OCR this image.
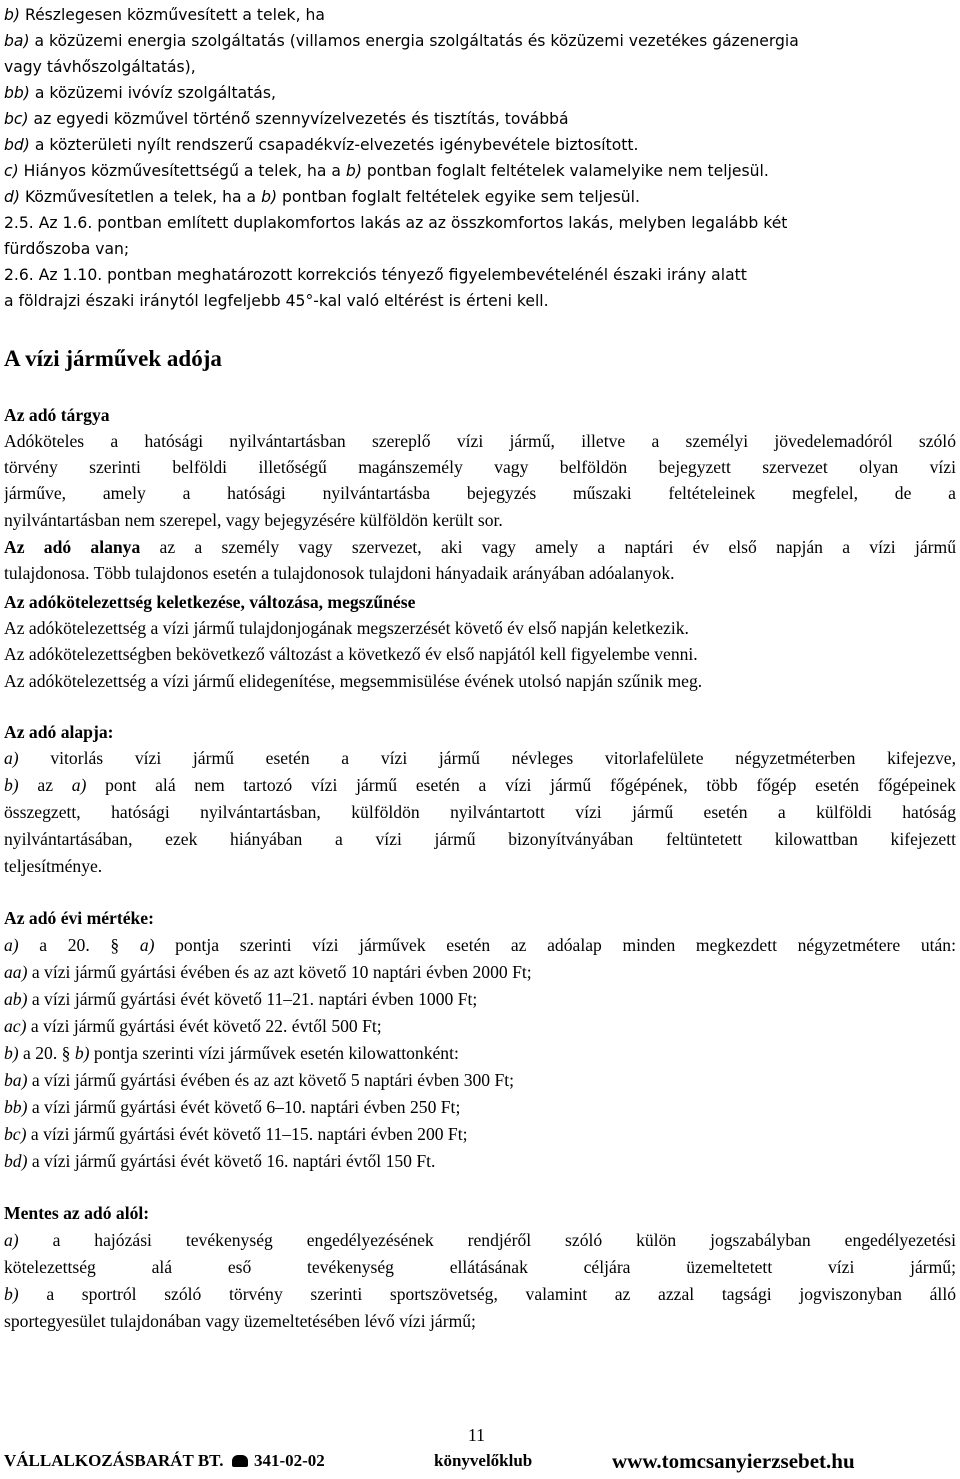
b) Részlegesen közművesített a telek, ha

ba) a közüzemi energia szolgáltatás (villamos energia szolgáltatás és közüzemi vezetékes gázenergia

vagy távhőszolgáltatás),

bb) a közüzemi ivóvíz szolgáltatás,

bc) az egyedi közművel történő szennyvízelvezetés és tisztítás, továbbá

bd) a közterületi nyílt rendszerű csapadékvíz-elvezetés igénybevétele biztosított.

c) Hiányos közművesítettségű a telek, ha a b) pontban foglalt feltételek valamelyike nem teljesül.

d) Közművesítetlen a telek, ha a b) pontban foglalt feltételek egyike sem teljesül.

2.5. Az 1.6. pontban említett duplakomfortos lakás az az összkomfortos lakás, melyben legalább két

fürdőszoba van;

2.6. Az 1.10. pontban meghatározott korrekciós tényező figyelembevételénél északi irány alatt

a földrajzi északi iránytól legfeljebb 45°-kal való eltérést is érteni kell.

A vízi járművek adója

Az adó tárgya

Adóköteles a hatósági nyilvántartásban szereplő vízi jármű, illetve a személyi jövedelemadóról szóló

törvény szerinti belföldi illetőségű magánszemély vagy belföldön bejegyzett szervezet olyan vízi

járműve, amely a hatósági nyilvántartásba bejegyzés műszaki feltételeinek megfelel, de a

nyilvántartásban nem szerepel, vagy bejegyzésére külföldön került sor.

Az adó alanya az a személy vagy szervezet, aki vagy amely a naptári év első napján a vízi jármű

tulajdonosa. Több tulajdonos esetén a tulajdonosok tulajdoni hányadaik arányában adóalanyok.

Az adókötelezettség keletkezése, változása, megszűnése

Az adókötelezettség a vízi jármű tulajdonjogának megszerzését követő év első napján keletkezik.

Az adókötelezettségben bekövetkező változást a következő év első napjától kell figyelembe venni.

Az adókötelezettség a vízi jármű elidegenítése, megsemmisülése évének utolsó napján szűnik meg.

Az adó alapja:

a) vitorlás vízi jármű esetén a vízi jármű névleges vitorlafelülete négyzetméterben kifejezve,

b) az a) pont alá nem tartozó vízi jármű esetén a vízi jármű főgépének, több főgép esetén főgépeinek

összegzett, hatósági nyilvántartásban, külföldön nyilvántartott vízi jármű esetén a külföldi hatóság

nyilvántartásában, ezek hiányában a vízi jármű bizonyítványában feltüntetett kilowattban kifejezett

teljesítménye.

Az adó évi mértéke:

a) a 20. § a) pontja szerinti vízi járművek esetén az adóalap minden megkezdett négyzetmétere után:

aa) a vízi jármű gyártási évében és az azt követő 10 naptári évben 2000 Ft;

ab) a vízi jármű gyártási évét követő 11–21. naptári évben 1000 Ft;

ac) a vízi jármű gyártási évét követő 22. évtől 500 Ft;

b) a 20. § b) pontja szerinti vízi járművek esetén kilowattonként:

ba) a vízi jármű gyártási évében és az azt követő 5 naptári évben 300 Ft;

bb) a vízi jármű gyártási évét követő 6–10. naptári évben 250 Ft;

bc) a vízi jármű gyártási évét követő 11–15. naptári évben 200 Ft;

bd) a vízi jármű gyártási évét követő 16. naptári évtől 150 Ft.

Mentes az adó alól:

a) a hajózási tevékenység engedélyezésének rendjéről szóló külön jogszabályban engedélyezetési

kötelezettség alá eső tevékenység ellátásának céljára üzemeltetett vízi jármű;

b) a sportról szóló törvény szerinti sportszövetség, valamint az azzal tagsági jogviszonyban álló

sportegyesület tulajdonában vagy üzemeltetésében lévő vízi jármű;

11
VÁLLALKOZÁSBARÁT BT. 341-02-02	könyvelőklub	www.tomcsanyierzsebet.hu
